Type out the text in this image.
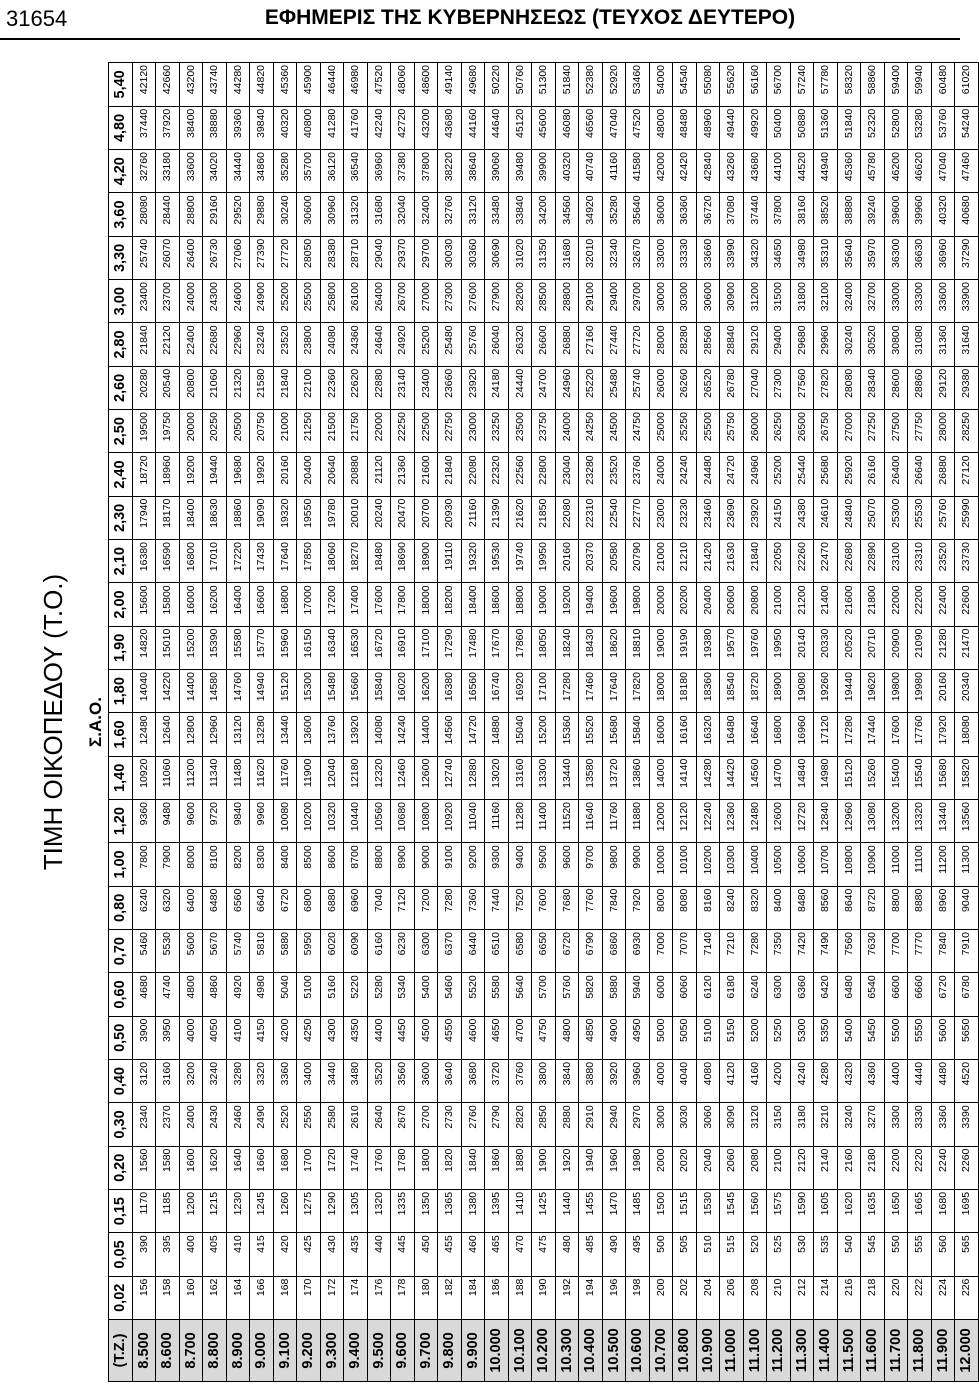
31654	ΕΦΗΜΕΡΙΣ ΤΗΣ ΚΥΒΕΡΝΗΣΕΩΣ (ΤΕΥΧΟΣ ΔΕΥΤΕΡΟ)
ΤΙΜΗ ΟΙΚΟΠΕΔΟΥ (Τ.Ο.)	Σ.Α.Ο.
(Τ.Ζ.)	0,02	0,05	0,15	0,20	0,30	0,40	0,50	0,60	0,70	0,80	1,00	1,20	1,40	1,60	1,80	1,90	2,00	2,10	2,30	2,40	2,50	2,60	2,80	3,00	3,30	3,60	4,20	4,80	5,40
8.500	156	390	1170	1560	2340	3120	3900	4680	5460	6240	7800	9360	10920	12480	14040	14820	15600	16380	17940	18720	19500	20280	21840	23400	25740	28080	32760	37440	42120
8.600	158	395	1185	1580	2370	3160	3950	4740	5530	6320	7900	9480	11060	12640	14220	15010	15800	16590	18170	18960	19750	20540	22120	23700	26070	28440	33180	37920	42660
8.700	160	400	1200	1600	2400	3200	4000	4800	5600	6400	8000	9600	11200	12800	14400	15200	16000	16800	18400	19200	20000	20800	22400	24000	26400	28800	33600	38400	43200
8.800	162	405	1215	1620	2430	3240	4050	4860	5670	6480	8100	9720	11340	12960	14580	15390	16200	17010	18630	19440	20250	21060	22680	24300	26730	29160	34020	38880	43740
8.900	164	410	1230	1640	2460	3280	4100	4920	5740	6560	8200	9840	11480	13120	14760	15580	16400	17220	18860	19680	20500	21320	22960	24600	27060	29520	34440	39360	44280
9.000	166	415	1245	1660	2490	3320	4150	4980	5810	6640	8300	9960	11620	13280	14940	15770	16600	17430	19090	19920	20750	21580	23240	24900	27390	29880	34860	39840	44820
9.100	168	420	1260	1680	2520	3360	4200	5040	5880	6720	8400	10080	11760	13440	15120	15960	16800	17640	19320	20160	21000	21840	23520	25200	27720	30240	35280	40320	45360
9.200	170	425	1275	1700	2550	3400	4250	5100	5950	6800	8500	10200	11900	13600	15300	16150	17000	17850	19550	20400	21250	22100	23800	25500	28050	30600	35700	40800	45900
9.300	172	430	1290	1720	2580	3440	4300	5160	6020	6880	8600	10320	12040	13760	15480	16340	17200	18060	19780	20640	21500	22360	24080	25800	28380	30960	36120	41280	46440
9.400	174	435	1305	1740	2610	3480	4350	5220	6090	6960	8700	10440	12180	13920	15660	16530	17400	18270	20010	20880	21750	22620	24360	26100	28710	31320	36540	41760	46980
9.500	176	440	1320	1760	2640	3520	4400	5280	6160	7040	8800	10560	12320	14080	15840	16720	17600	18480	20240	21120	22000	22880	24640	26400	29040	31680	36960	42240	47520
9.600	178	445	1335	1780	2670	3560	4450	5340	6230	7120	8900	10680	12460	14240	16020	16910	17800	18690	20470	21360	22250	23140	24920	26700	29370	32040	37380	42720	48060
9.700	180	450	1350	1800	2700	3600	4500	5400	6300	7200	9000	10800	12600	14400	16200	17100	18000	18900	20700	21600	22500	23400	25200	27000	29700	32400	37800	43200	48600
9.800	182	455	1365	1820	2730	3640	4550	5460	6370	7280	9100	10920	12740	14560	16380	17290	18200	19110	20930	21840	22750	23660	25480	27300	30030	32760	38220	43680	49140
9.900	184	460	1380	1840	2760	3680	4600	5520	6440	7360	9200	11040	12880	14720	16560	17480	18400	19320	21160	22080	23000	23920	25760	27600	30360	33120	38640	44160	49680
10.000	186	465	1395	1860	2790	3720	4650	5580	6510	7440	9300	11160	13020	14880	16740	17670	18600	19530	21390	22320	23250	24180	26040	27900	30690	33480	39060	44640	50220
10.100	188	470	1410	1880	2820	3760	4700	5640	6580	7520	9400	11280	13160	15040	16920	17860	18800	19740	21620	22560	23500	24440	26320	28200	31020	33840	39480	45120	50760
10.200	190	475	1425	1900	2850	3800	4750	5700	6650	7600	9500	11400	13300	15200	17100	18050	19000	19950	21850	22800	23750	24700	26600	28500	31350	34200	39900	45600	51300
10.300	192	480	1440	1920	2880	3840	4800	5760	6720	7680	9600	11520	13440	15360	17280	18240	19200	20160	22080	23040	24000	24960	26880	28800	31680	34560	40320	46080	51840
10.400	194	485	1455	1940	2910	3880	4850	5820	6790	7760	9700	11640	13580	15520	17460	18430	19400	20370	22310	23280	24250	25220	27160	29100	32010	34920	40740	46560	52380
10.500	196	490	1470	1960	2940	3920	4900	5880	6860	7840	9800	11760	13720	15680	17640	18620	19600	20580	22540	23520	24500	25480	27440	29400	32340	35280	41160	47040	52920
10.600	198	495	1485	1980	2970	3960	4950	5940	6930	7920	9900	11880	13860	15840	17820	18810	19800	20790	22770	23760	24750	25740	27720	29700	32670	35640	41580	47520	53460
10.700	200	500	1500	2000	3000	4000	5000	6000	7000	8000	10000	12000	14000	16000	18000	19000	20000	21000	23000	24000	25000	26000	28000	30000	33000	36000	42000	48000	54000
10.800	202	505	1515	2020	3030	4040	5050	6060	7070	8080	10100	12120	14140	16160	18180	19190	20200	21210	23230	24240	25250	26260	28280	30300	33330	36360	42420	48480	54540
10.900	204	510	1530	2040	3060	4080	5100	6120	7140	8160	10200	12240	14280	16320	18360	19380	20400	21420	23460	24480	25500	26520	28560	30600	33660	36720	42840	48960	55080
11.000	206	515	1545	2060	3090	4120	5150	6180	7210	8240	10300	12360	14420	16480	18540	19570	20600	21630	23690	24720	25750	26780	28840	30900	33990	37080	43260	49440	55620
11.100	208	520	1560	2080	3120	4160	5200	6240	7280	8320	10400	12480	14560	16640	18720	19760	20800	21840	23920	24960	26000	27040	29120	31200	34320	37440	43680	49920	56160
11.200	210	525	1575	2100	3150	4200	5250	6300	7350	8400	10500	12600	14700	16800	18900	19950	21000	22050	24150	25200	26250	27300	29400	31500	34650	37800	44100	50400	56700
11.300	212	530	1590	2120	3180	4240	5300	6360	7420	8480	10600	12720	14840	16960	19080	20140	21200	22260	24380	25440	26500	27560	29680	31800	34980	38160	44520	50880	57240
11.400	214	535	1605	2140	3210	4280	5350	6420	7490	8560	10700	12840	14980	17120	19260	20330	21400	22470	24610	25680	26750	27820	29960	32100	35310	38520	44940	51360	57780
11.500	216	540	1620	2160	3240	4320	5400	6480	7560	8640	10800	12960	15120	17280	19440	20520	21600	22680	24840	25920	27000	28080	30240	32400	35640	38880	45360	51840	58320
11.600	218	545	1635	2180	3270	4360	5450	6540	7630	8720	10900	13080	15260	17440	19620	20710	21800	22890	25070	26160	27250	28340	30520	32700	35970	39240	45780	52320	58860
11.700	220	550	1650	2200	3300	4400	5500	6600	7700	8800	11000	13200	15400	17600	19800	20900	22000	23100	25300	26400	27500	28600	30800	33000	36300	39600	46200	52800	59400
11.800	222	555	1665	2220	3330	4440	5550	6660	7770	8880	11100	13320	15540	17760	19980	21090	22200	23310	25530	26640	27750	28860	31080	33300	36630	39960	46620	53280	59940
11.900	224	560	1680	2240	3360	4480	5600	6720	7840	8960	11200	13440	15680	17920	20160	21280	22400	23520	25760	26880	28000	29120	31360	33600	36960	40320	47040	53760	60480
12.000	226	565	1695	2260	3390	4520	5650	6780	7910	9040	11300	13560	15820	18080	20340	21470	22600	23730	25990	27120	28250	29380	31640	33900	37290	40680	47460	54240	61020
